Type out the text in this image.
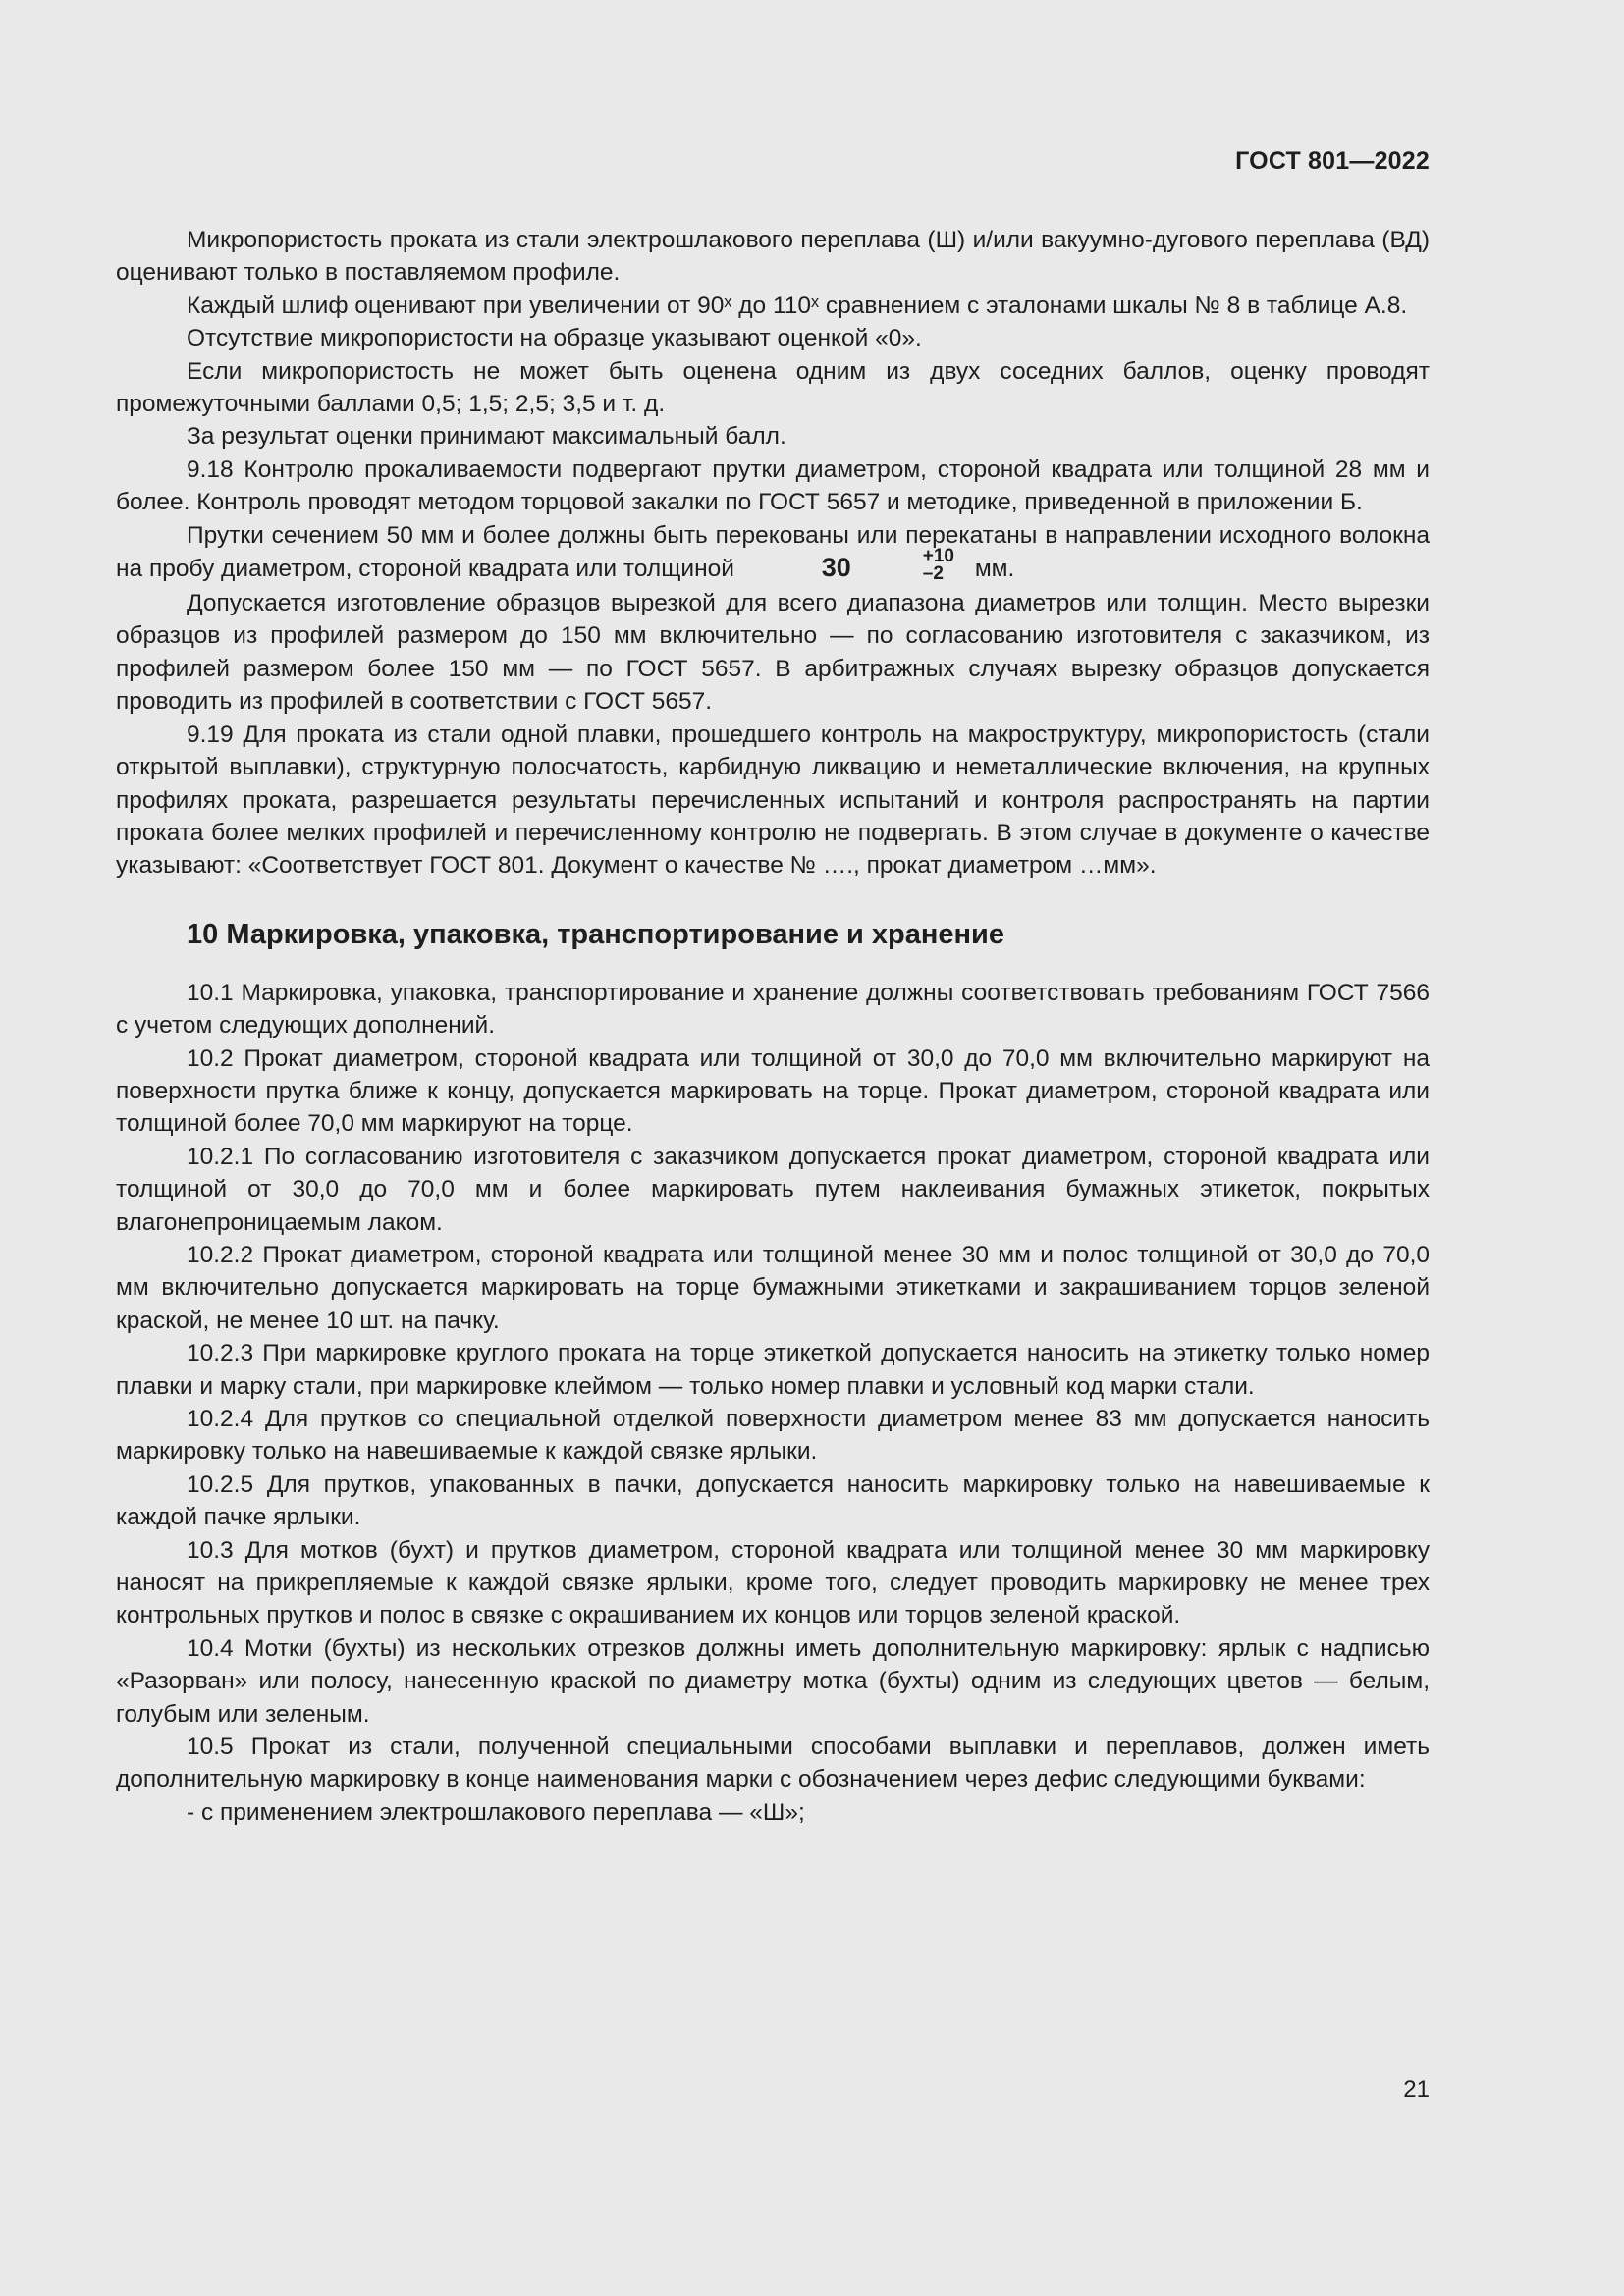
ГОСТ 801—2022

Микропористость проката из стали электрошлакового переплава (Ш) и/или вакуумно-дугового переплава (ВД) оценивают только в поставляемом профиле.

Каждый шлиф оценивают при увеличении от 90ˣ до 110ˣ сравнением с эталонами шкалы № 8 в таблице А.8.

Отсутствие микропористости на образце указывают оценкой «0».

Если микропористость не может быть оценена одним из двух соседних баллов, оценку проводят промежуточными баллами 0,5; 1,5; 2,5; 3,5 и т. д.

За результат оценки принимают максимальный балл.

9.18 Контролю прокаливаемости подвергают прутки диаметром, стороной квадрата или толщиной 28 мм и более. Контроль проводят методом торцовой закалки по ГОСТ 5657 и методике, приведенной в приложении Б.

Прутки сечением 50 мм и более должны быть перекованы или перекатаны в направлении исходного волокна на пробу диаметром, стороной квадрата или толщиной	30	+10
–2	мм.

Допускается изготовление образцов вырезкой для всего диапазона диаметров или толщин. Место вырезки образцов из профилей размером до 150 мм включительно — по согласованию изготовителя с заказчиком, из профилей размером более 150 мм — по ГОСТ 5657. В арбитражных случаях вырезку образцов допускается проводить из профилей в соответствии с ГОСТ 5657.

9.19 Для проката из стали одной плавки, прошедшего контроль на макроструктуру, микропористость (стали открытой выплавки), структурную полосчатость, карбидную ликвацию и неметаллические включения, на крупных профилях проката, разрешается результаты перечисленных испытаний и контроля распространять на партии проката более мелких профилей и перечисленному контролю не подвергать. В этом случае в документе о качестве указывают: «Соответствует ГОСТ 801. Документ о качестве № …., прокат диаметром …мм».

10 Маркировка, упаковка, транспортирование и хранение

10.1 Маркировка, упаковка, транспортирование и хранение должны соответствовать требованиям ГОСТ 7566 с учетом следующих дополнений.

10.2 Прокат диаметром, стороной квадрата или толщиной от 30,0 до 70,0 мм включительно маркируют на поверхности прутка ближе к концу, допускается маркировать на торце. Прокат диаметром, стороной квадрата или толщиной более 70,0 мм маркируют на торце.

10.2.1 По согласованию изготовителя с заказчиком допускается прокат диаметром, стороной квадрата или толщиной от 30,0 до 70,0 мм и более маркировать путем наклеивания бумажных этикеток, покрытых влагонепроницаемым лаком.

10.2.2 Прокат диаметром, стороной квадрата или толщиной менее 30 мм и полос толщиной от 30,0 до 70,0 мм включительно допускается маркировать на торце бумажными этикетками и закрашиванием торцов зеленой краской, не менее 10 шт. на пачку.

10.2.3 При маркировке круглого проката на торце этикеткой допускается наносить на этикетку только номер плавки и марку стали, при маркировке клеймом — только номер плавки и условный код марки стали.

10.2.4 Для прутков со специальной отделкой поверхности диаметром менее 83 мм допускается наносить маркировку только на навешиваемые к каждой связке ярлыки.

10.2.5 Для прутков, упакованных в пачки, допускается наносить маркировку только на навешиваемые к каждой пачке ярлыки.

10.3 Для мотков (бухт) и прутков диаметром, стороной квадрата или толщиной менее 30 мм маркировку наносят на прикрепляемые к каждой связке ярлыки, кроме того, следует проводить маркировку не менее трех контрольных прутков и полос в связке с окрашиванием их концов или торцов зеленой краской.

10.4 Мотки (бухты) из нескольких отрезков должны иметь дополнительную маркировку: ярлык с надписью «Разорван» или полосу, нанесенную краской по диаметру мотка (бухты) одним из следующих цветов — белым, голубым или зеленым.

10.5 Прокат из стали, полученной специальными способами выплавки и переплавов, должен иметь дополнительную маркировку в конце наименования марки с обозначением через дефис следующими буквами:

- с применением электрошлакового переплава — «Ш»;

21
